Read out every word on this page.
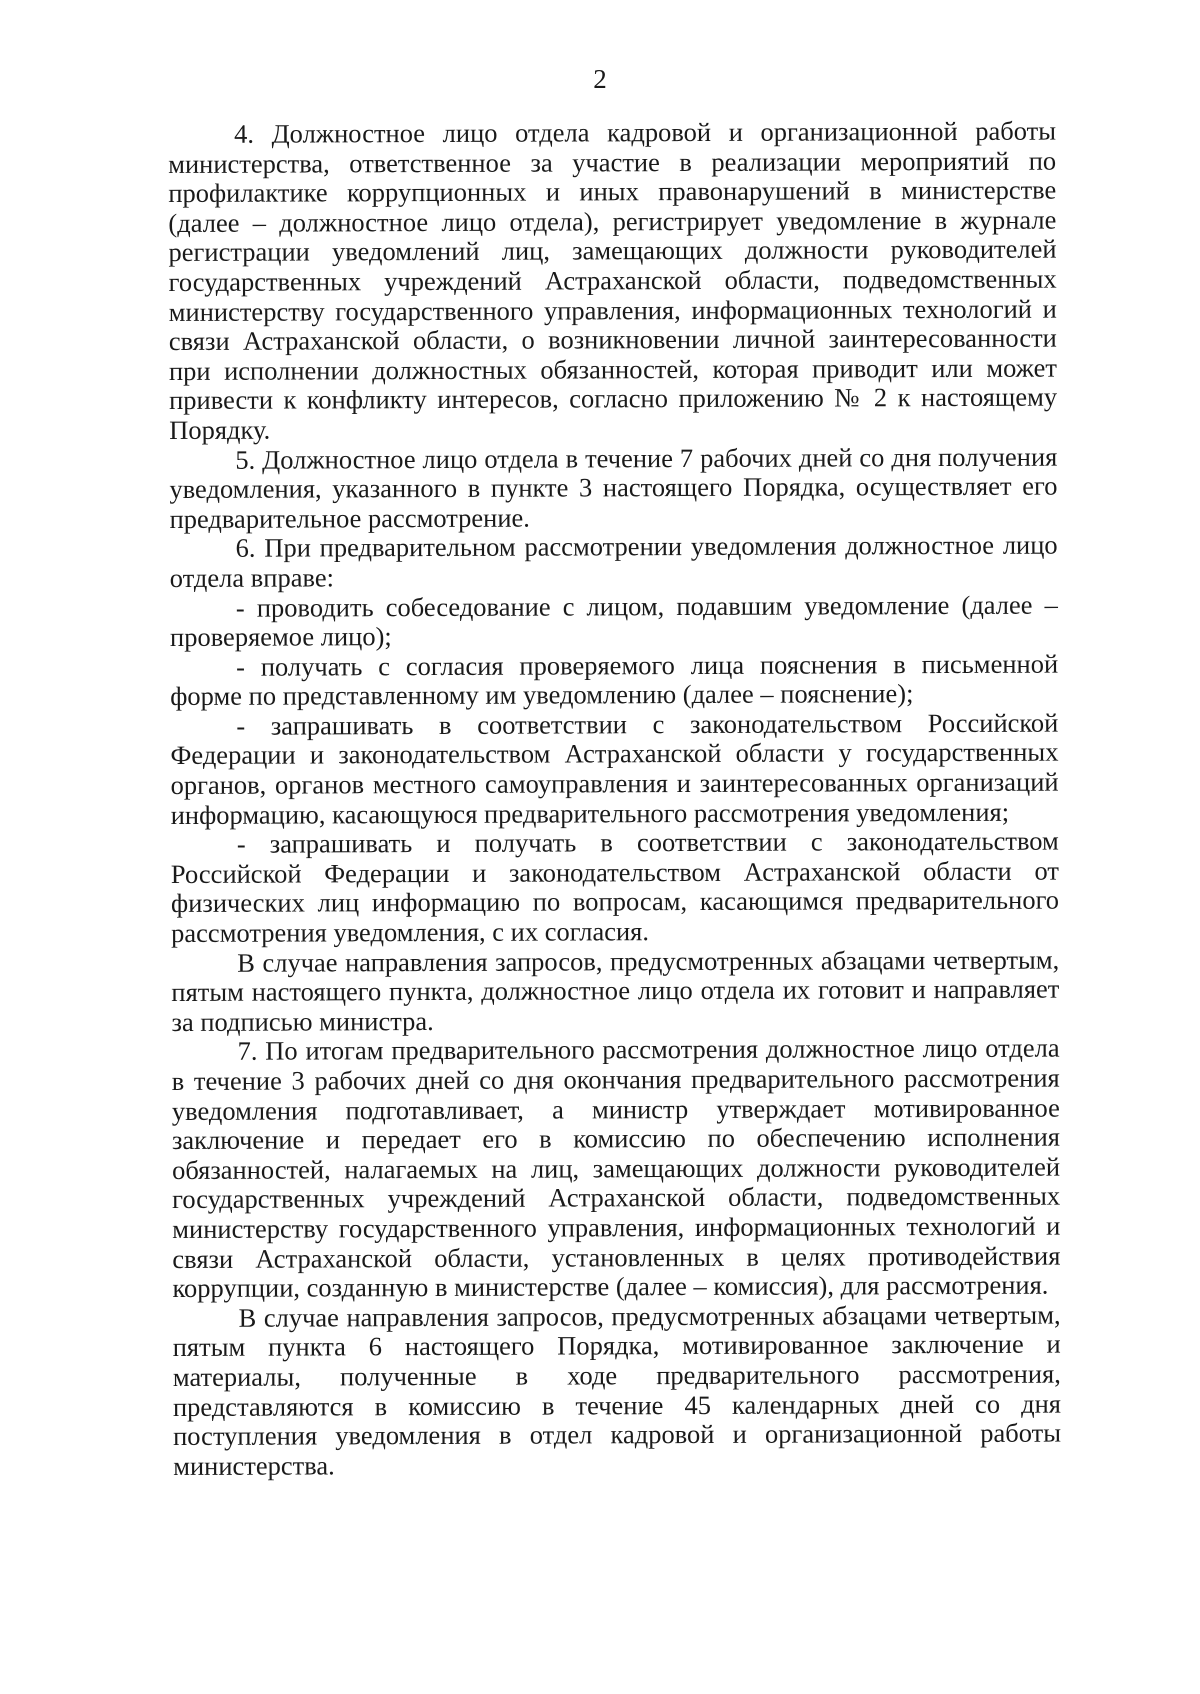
2

4. Должностное лицо отдела кадровой и организационной работы министерства, ответственное за участие в реализации мероприятий по профилактике коррупционных и иных правонарушений в министерстве (далее – должностное лицо отдела), регистрирует уведомление в журнале регистрации уведомлений лиц, замещающих должности руководителей государственных учреждений Астраханской области, подведомственных министерству государственного управления, информационных технологий и связи Астраханской области, о возникновении личной заинтересованности при исполнении должностных обязанностей, которая приводит или может привести к конфликту интересов, согласно приложению № 2 к настоящему Порядку.

5. Должностное лицо отдела в течение 7 рабочих дней со дня получения уведомления, указанного в пункте 3 настоящего Порядка, осуществляет его предварительное рассмотрение.

6. При предварительном рассмотрении уведомления должностное лицо отдела вправе:

- проводить собеседование с лицом, подавшим уведомление (далее – проверяемое лицо);

- получать с согласия проверяемого лица пояснения в письменной форме по представленному им уведомлению (далее – пояснение);

- запрашивать в соответствии с законодательством Российской Федерации и законодательством Астраханской области у государственных органов, органов местного самоуправления и заинтересованных организаций информацию, касающуюся предварительного рассмотрения уведомления;

- запрашивать и получать в соответствии с законодательством Российской Федерации и законодательством Астраханской области от физических лиц информацию по вопросам, касающимся предварительного рассмотрения уведомления, с их согласия.

В случае направления запросов, предусмотренных абзацами четвертым, пятым настоящего пункта, должностное лицо отдела их готовит и направляет за подписью министра.

7. По итогам предварительного рассмотрения должностное лицо отдела в течение 3 рабочих дней со дня окончания предварительного рассмотрения уведомления подготавливает, а министр утверждает мотивированное заключение и передает его в комиссию по обеспечению исполнения обязанностей, налагаемых на лиц, замещающих должности руководителей государственных учреждений Астраханской области, подведомственных министерству государственного управления, информационных технологий и связи Астраханской области, установленных в целях противодействия коррупции, созданную в министерстве (далее – комиссия), для рассмотрения.

В случае направления запросов, предусмотренных абзацами четвертым, пятым пункта 6 настоящего Порядка, мотивированное заключение и материалы, полученные в ходе предварительного рассмотрения, представляются в комиссию в течение 45 календарных дней со дня поступления уведомления в отдел кадровой и организационной работы министерства.
